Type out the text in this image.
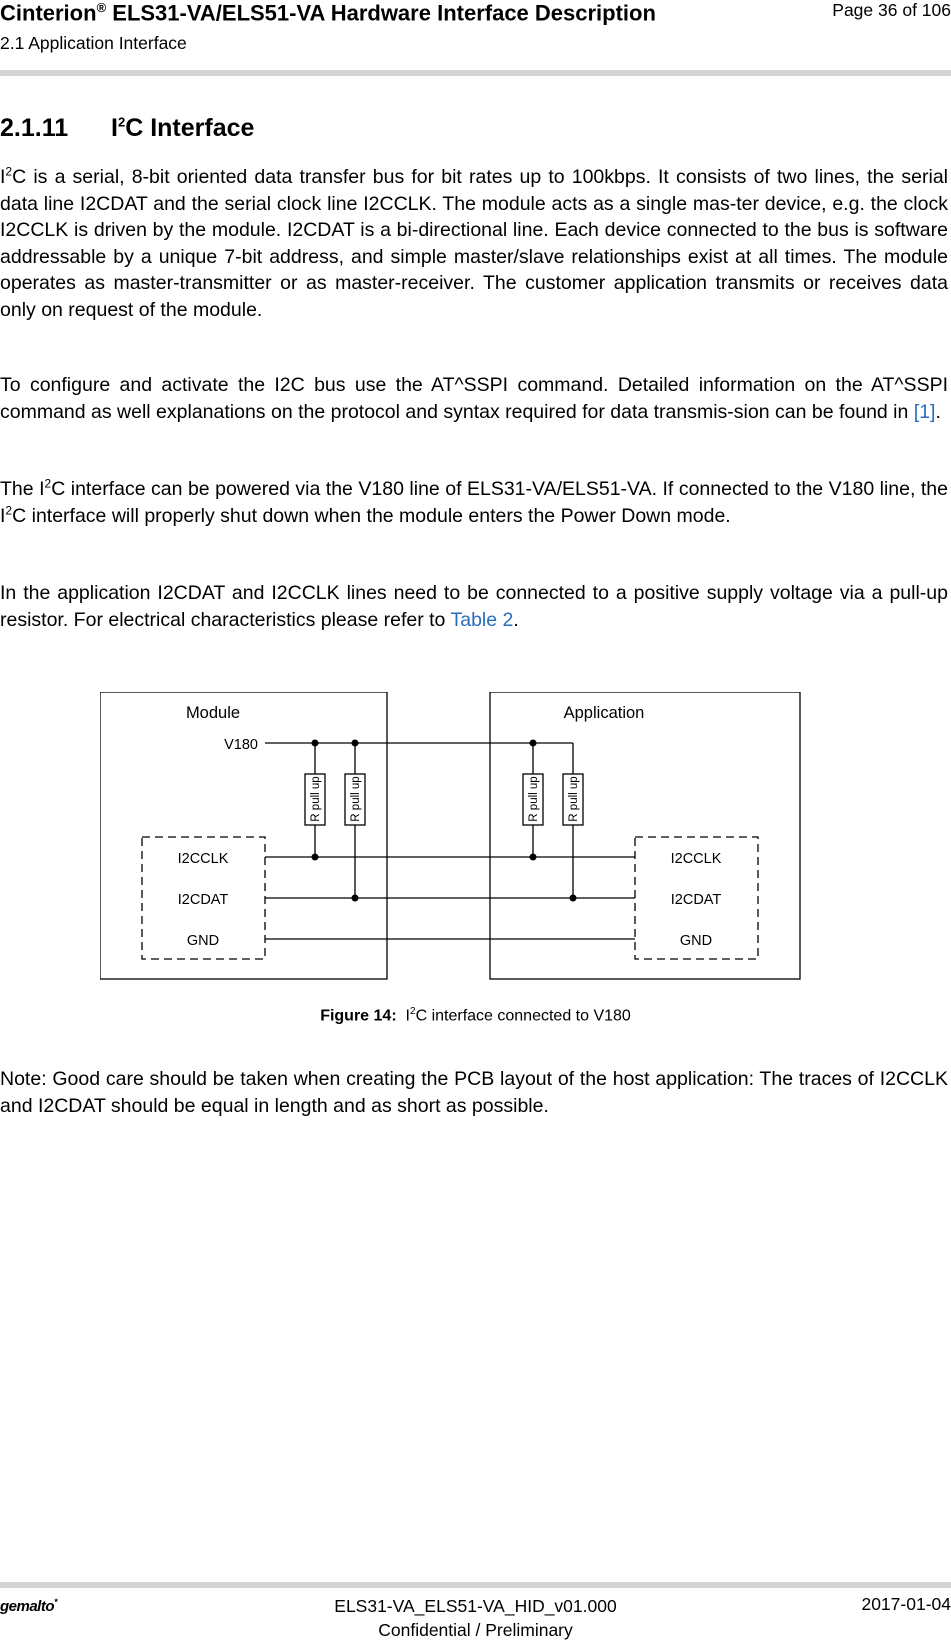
Cinterion® ELS31-VA/ELS51-VA Hardware Interface Description
2.1 Application Interface
Page 36 of 106
2.1.11 $I^2C$ Interface

$I^2C$ is a serial, 8-bit oriented data transfer bus for bit rates up to 100kbps. It consists of two lines, the serial data line I2CDAT and the serial clock line I2CCLK. The module acts as a single mas-ter device, e.g. the clock I2CCLK is driven by the module. I2CDAT is a bi-directional line. Each device connected to the bus is software addressable by a unique 7-bit address, and simple master/slave relationships exist at all times. The module operates as master-transmitter or as master-receiver. The customer application transmits or receives data only on request of the module.

To configure and activate the I2C bus use the AT^SSPI command. Detailed information on the AT^SSPI command as well explanations on the protocol and syntax required for data transmis-sion can be found in [1].

The $I^2C$ interface can be powered via the V180 line of ELS31-VA/ELS51-VA. If connected to the V180 line, the $I^2C$ interface will properly shut down when the module enters the Power Down mode.

In the application I2CDAT and I2CCLK lines need to be connected to a positive supply voltage via a pull-up resistor. For electrical characteristics please refer to Table 2.

Module	Application
V180
I2CCLK
I2CDAT
GND
I2CCLK
I2CDAT
GND
R pull up R pull up	R pull up R pull up
Figure 14: $I^2C$ interface connected to V180

Note: Good care should be taken when creating the PCB layout of the host application: The traces of I2CCLK and I2CDAT should be equal in length and as short as possible.

gemalto*	ELS31-VA_ELS51-VA_HID_v01.000
Confidential / Preliminary
2017-01-04
